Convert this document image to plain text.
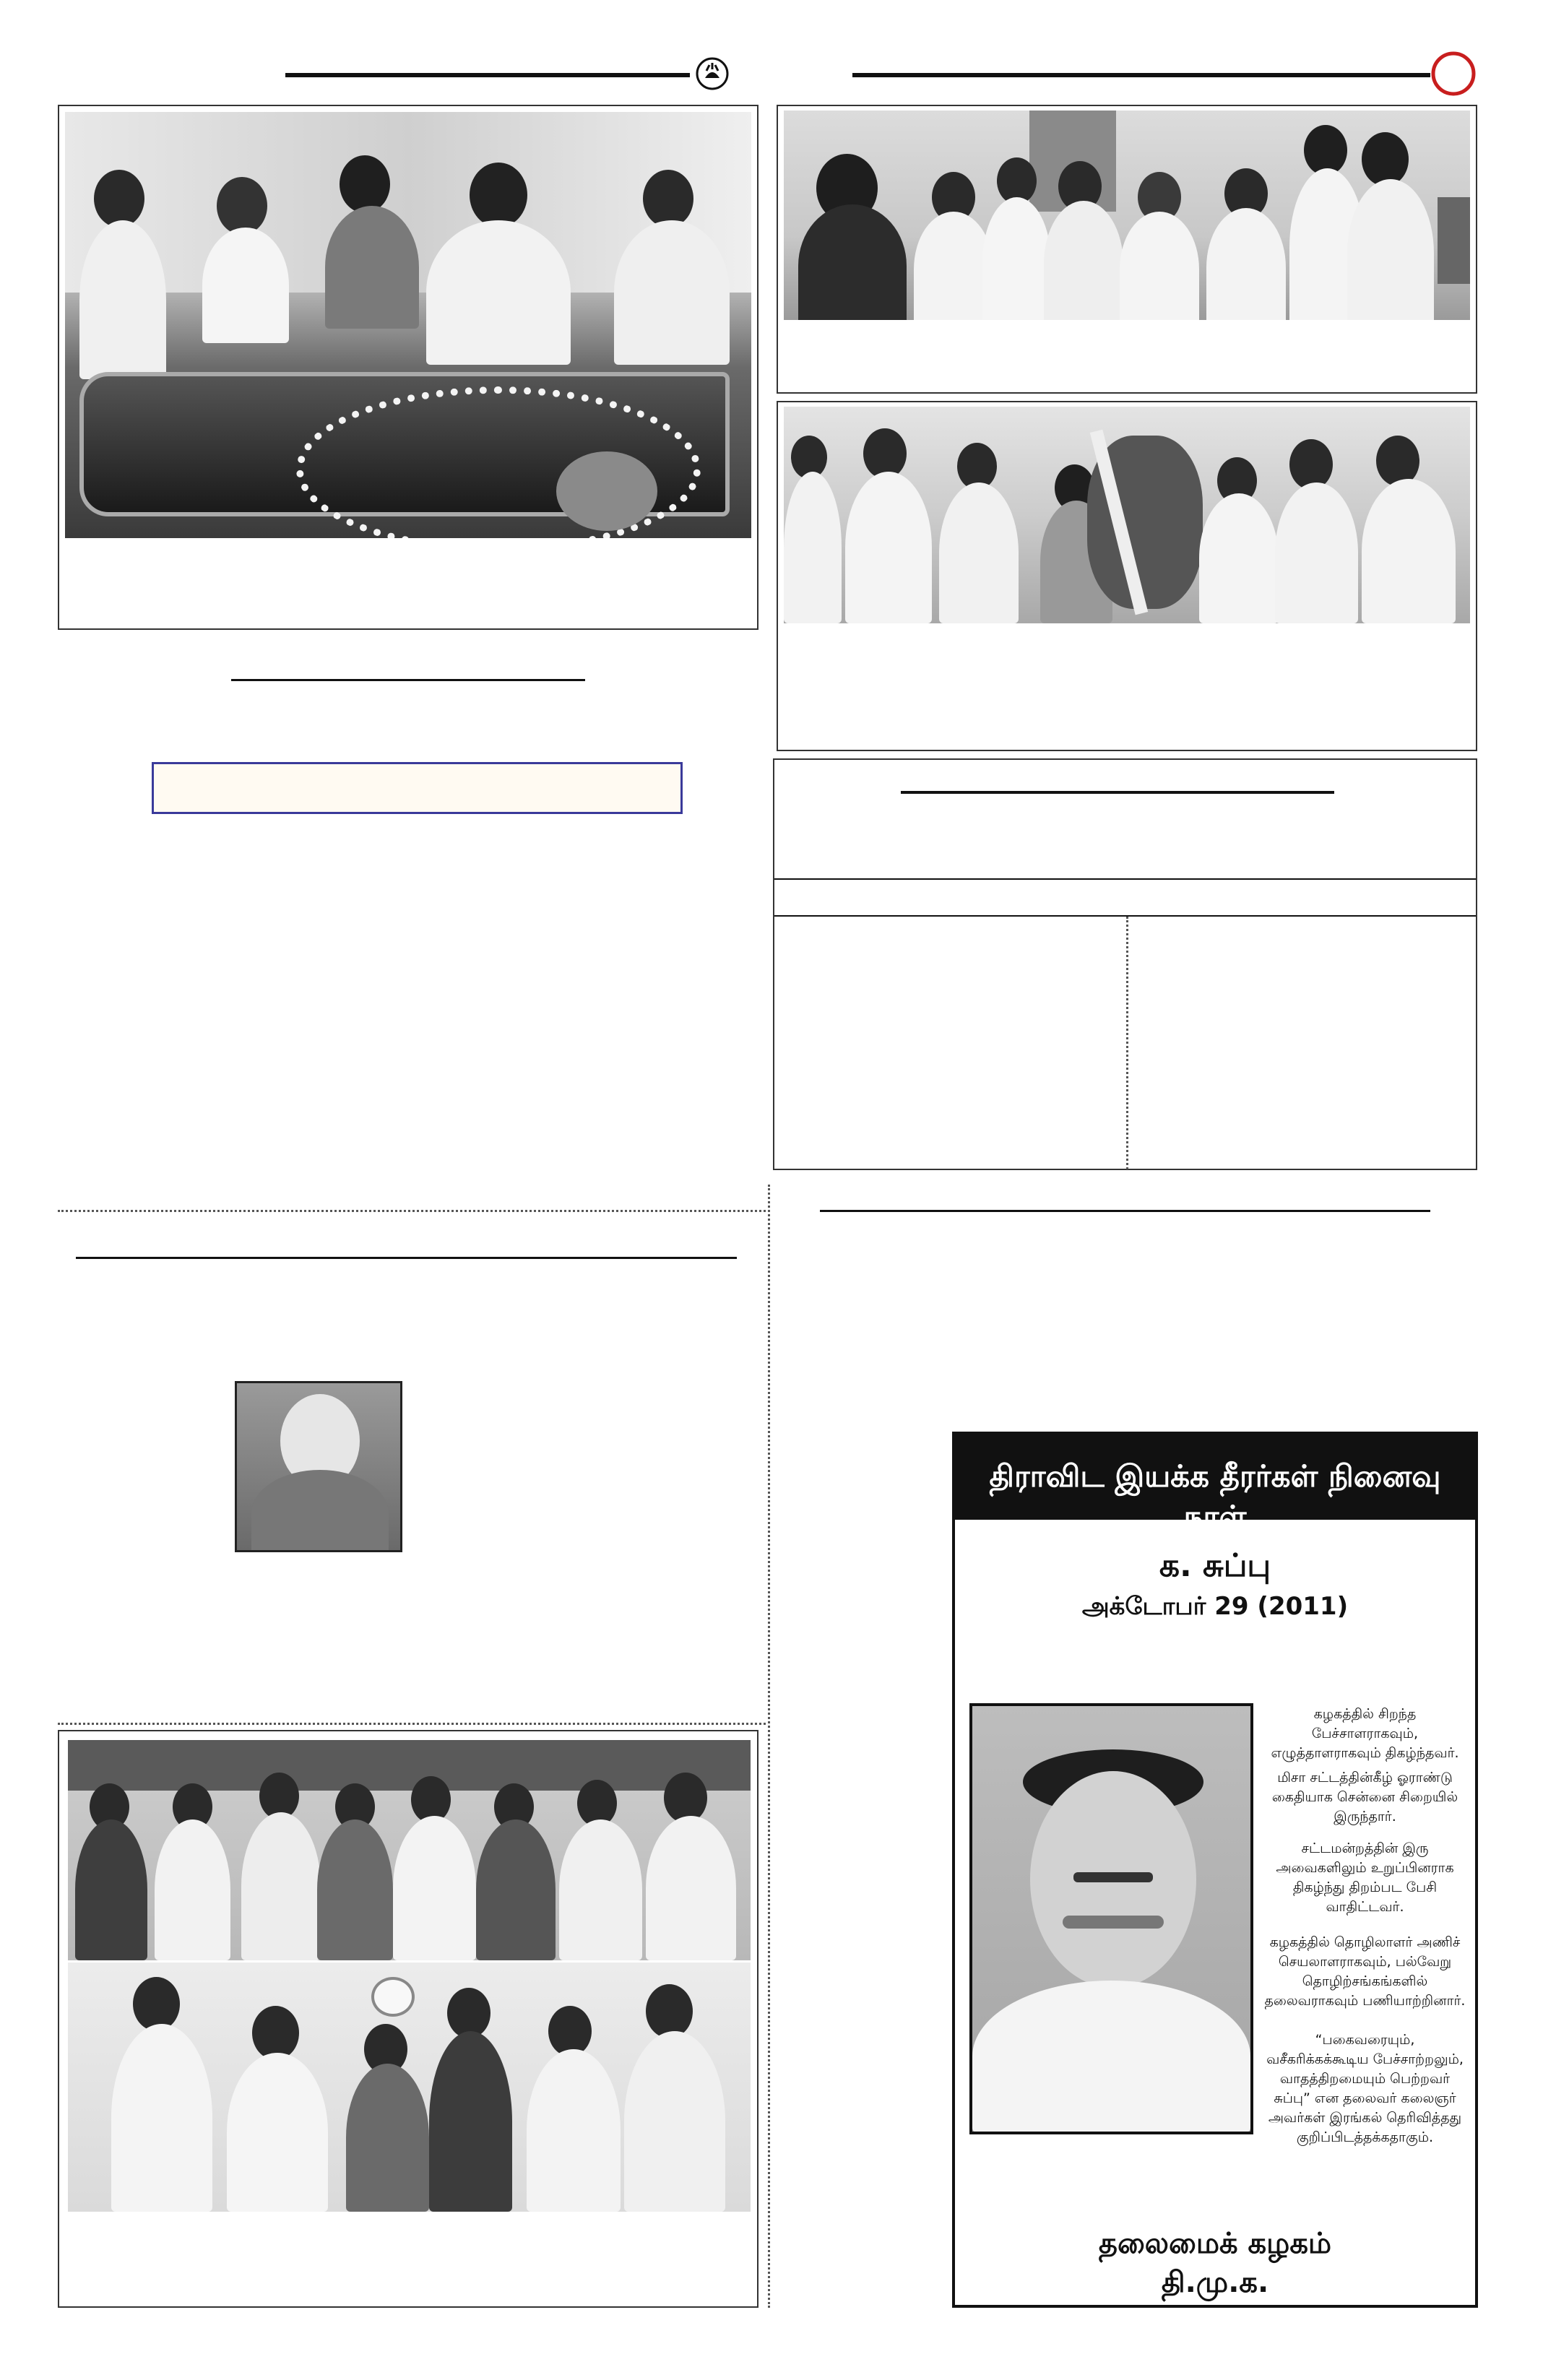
திராவிட இயக்க தீரர்கள் நினைவு நாள்
க. சுப்பு
அக்டோபர் 29 (2011)
கழகத்தில் சிறந்த பேச்சாளராகவும், எழுத்தாளராகவும் திகழ்ந்தவர்.
மிசா சட்டத்தின்கீழ் ஓராண்டு கைதியாக சென்னை சிறையில் இருந்தார்.
சட்டமன்றத்தின் இரு அவைகளிலும் உறுப்பினராக திகழ்ந்து திறம்பட பேசி வாதிட்டவர்.
கழகத்தில் தொழிலாளர் அணிச் செயலாளராகவும், பல்வேறு தொழிற்சங்கங்களில் தலைவராகவும் பணியாற்றினார்.
“பகைவரையும், வசீகரிக்கக்கூடிய பேச்சாற்றலும், வாதத்திறமையும் பெற்றவர் சுப்பு” என தலைவர் கலைஞர் அவர்கள் இரங்கல் தெரிவித்தது குறிப்பிடத்தக்கதாகும்.
தலைமைக் கழகம்
தி.மு.க.
